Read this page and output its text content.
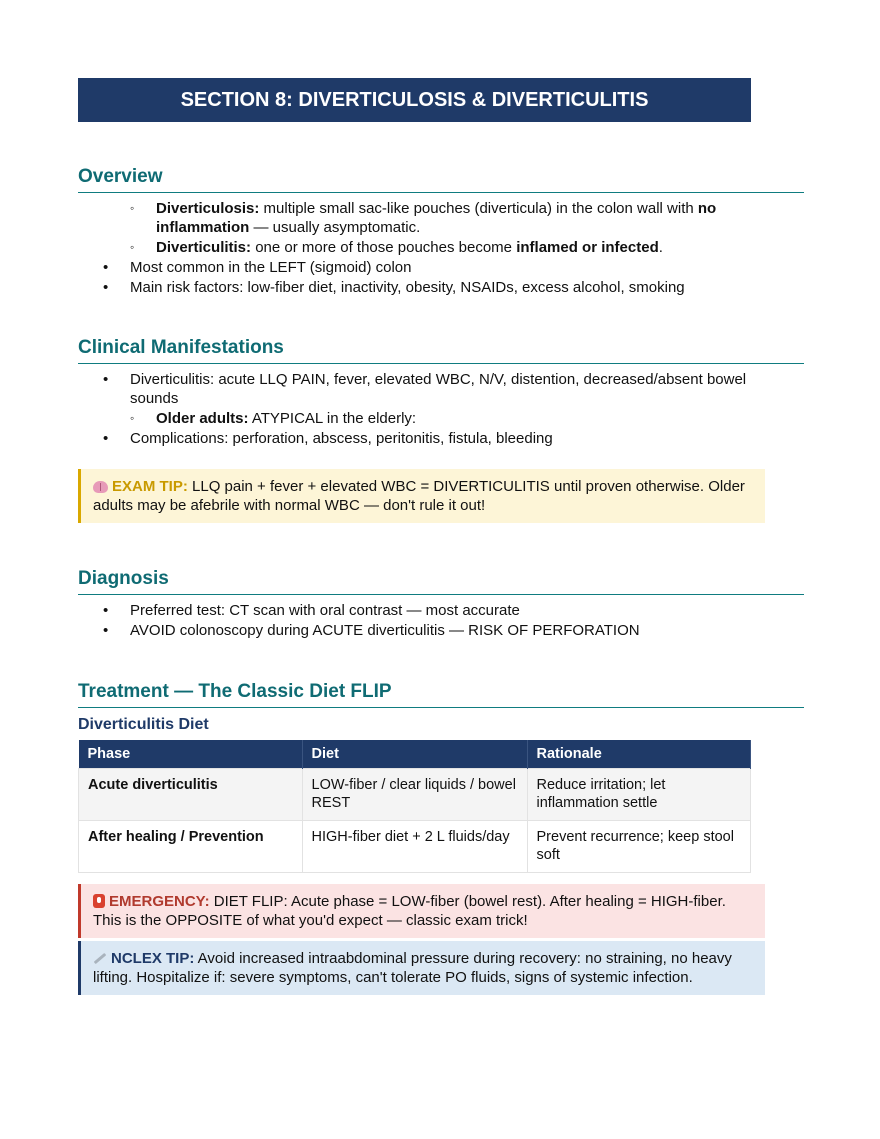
SECTION 8: DIVERTICULOSIS & DIVERTICULITIS
Overview
◦ Diverticulosis: multiple small sac-like pouches (diverticula) in the colon wall with no inflammation — usually asymptomatic.
◦ Diverticulitis: one or more of those pouches become inflamed or infected.
• Most common in the LEFT (sigmoid) colon
• Main risk factors: low-fiber diet, inactivity, obesity, NSAIDs, excess alcohol, smoking
Clinical Manifestations
• Diverticulitis: acute LLQ PAIN, fever, elevated WBC, N/V, distention, decreased/absent bowel sounds
◦ Older adults: ATYPICAL in the elderly:
• Complications: perforation, abscess, peritonitis, fistula, bleeding
EXAM TIP: LLQ pain + fever + elevated WBC = DIVERTICULITIS until proven otherwise. Older adults may be afebrile with normal WBC — don't rule it out!
Diagnosis
• Preferred test: CT scan with oral contrast — most accurate
• AVOID colonoscopy during ACUTE diverticulitis — RISK OF PERFORATION
Treatment — The Classic Diet FLIP
Diverticulitis Diet
Phase	Diet	Rationale
Acute diverticulitis	LOW-fiber / clear liquids / bowel REST	Reduce irritation; let inflammation settle
After healing / Prevention	HIGH-fiber diet + 2 L fluids/day	Prevent recurrence; keep stool soft
EMERGENCY: DIET FLIP: Acute phase = LOW-fiber (bowel rest). After healing = HIGH-fiber. This is the OPPOSITE of what you'd expect — classic exam trick!
NCLEX TIP: Avoid increased intraabdominal pressure during recovery: no straining, no heavy lifting. Hospitalize if: severe symptoms, can't tolerate PO fluids, signs of systemic infection.
